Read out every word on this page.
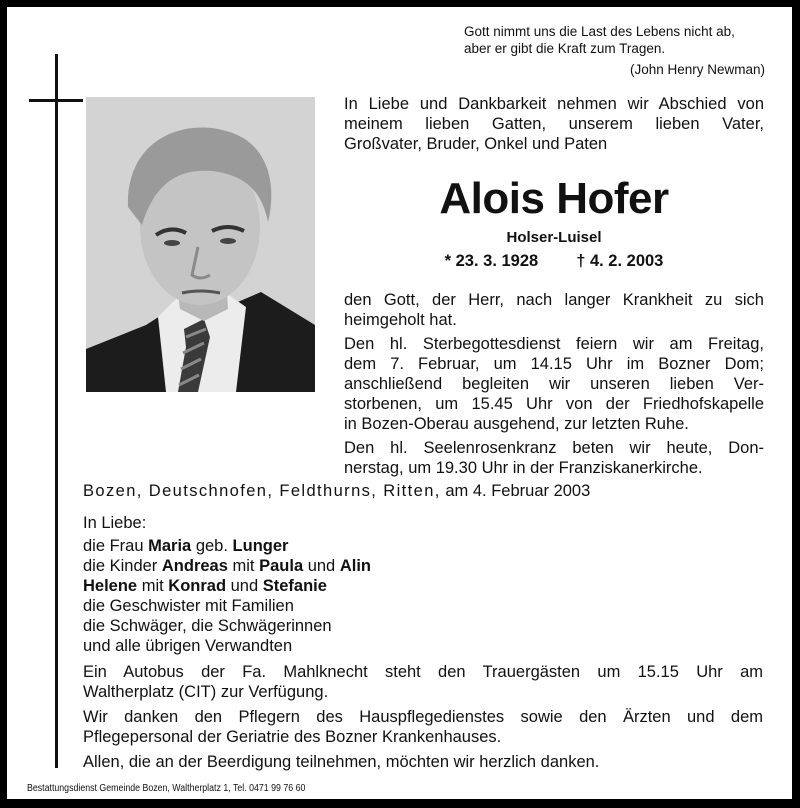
Gott nimmt uns die Last des Lebens nicht ab,
aber er gibt die Kraft zum Tragen.
(John Henry Newman)
In Liebe und Dankbarkeit nehmen wir Abschied von
meinem lieben Gatten, unserem lieben Vater,
Großvater, Bruder, Onkel und Paten
Alois Hofer
Holser-Luisel
* 23. 3. 1928 † 4. 2. 2003

den Gott, der Herr, nach langer Krankheit zu sich
heimgeholt hat.

Den hl. Sterbegottesdienst feiern wir am Freitag,
dem 7. Februar, um 14.15 Uhr im Bozner Dom;
anschließend begleiten wir unseren lieben Ver-
storbenen, um 15.45 Uhr von der Friedhofskapelle
in Bozen-Oberau ausgehend, zur letzten Ruhe.

Den hl. Seelenrosenkranz beten wir heute, Don-
nerstag, um 19.30 Uhr in der Franziskanerkirche.

Bozen, Deutschnofen, Feldthurns, Ritten, am 4. Februar 2003
In Liebe:
die Frau Maria geb. Lunger
die Kinder Andreas mit Paula und Alin
Helene mit Konrad und Stefanie
die Geschwister mit Familien
die Schwäger, die Schwägerinnen
und alle übrigen Verwandten

Ein Autobus der Fa. Mahlknecht steht den Trauergästen um 15.15 Uhr am
Waltherplatz (CIT) zur Verfügung.

Wir danken den Pflegern des Hauspflegedienstes sowie den Ärzten und dem
Pflegepersonal der Geriatrie des Bozner Krankenhauses.

Allen, die an der Beerdigung teilnehmen, möchten wir herzlich danken.

Bestattungsdienst Gemeinde Bozen, Waltherplatz 1, Tel. 0471 99 76 60
